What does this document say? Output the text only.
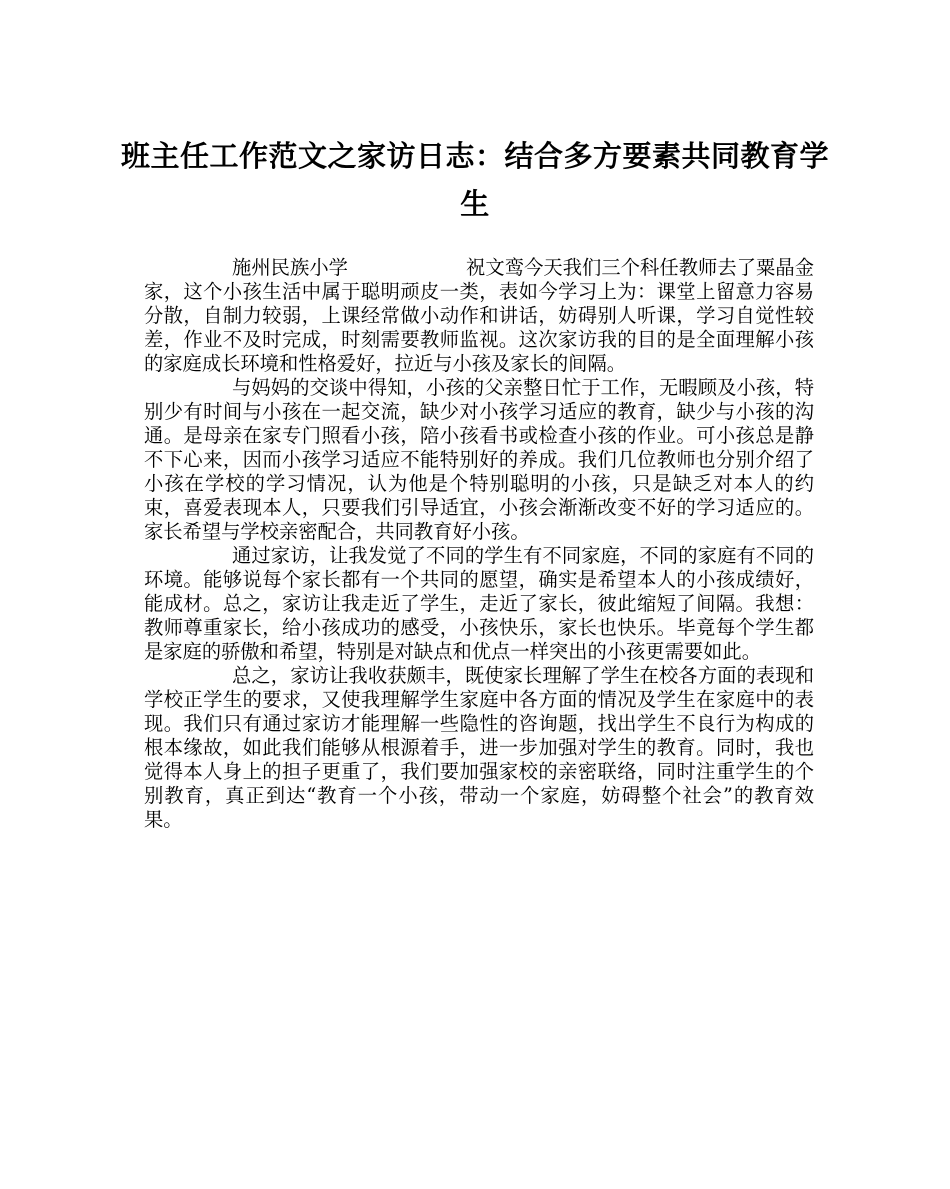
班主任工作范文之家访日志：结合多方要素共同教育学生

施州民族小学	祝文鸾今天我们三个科任教师去了粟晶金家，这个小孩生活中属于聪明顽皮一类，表如今学习上为：课堂上留意力容易分散，自制力较弱，上课经常做小动作和讲话，妨碍别人听课，学习自觉性较差，作业不及时完成，时刻需要教师监视。这次家访我的目的是全面理解小孩的家庭成长环境和性格爱好，拉近与小孩及家长的间隔。

与妈妈的交谈中得知，小孩的父亲整日忙于工作，无暇顾及小孩，特别少有时间与小孩在一起交流，缺少对小孩学习适应的教育，缺少与小孩的沟通。是母亲在家专门照看小孩，陪小孩看书或检查小孩的作业。可小孩总是静不下心来，因而小孩学习适应不能特别好的养成。我们几位教师也分别介绍了小孩在学校的学习情况，认为他是个特别聪明的小孩，只是缺乏对本人的约束，喜爱表现本人，只要我们引导适宜，小孩会渐渐改变不好的学习适应的。家长希望与学校亲密配合，共同教育好小孩。

通过家访，让我发觉了不同的学生有不同家庭，不同的家庭有不同的环境。能够说每个家长都有一个共同的愿望，确实是希望本人的小孩成绩好，能成材。总之，家访让我走近了学生，走近了家长，彼此缩短了间隔。我想：教师尊重家长，给小孩成功的感受，小孩快乐，家长也快乐。毕竟每个学生都是家庭的骄傲和希望，特别是对缺点和优点一样突出的小孩更需要如此。

总之，家访让我收获颇丰，既使家长理解了学生在校各方面的表现和学校正学生的要求，又使我理解学生家庭中各方面的情况及学生在家庭中的表现。我们只有通过家访才能理解一些隐性的咨询题，找出学生不良行为构成的根本缘故，如此我们能够从根源着手，进一步加强对学生的教育。同时，我也觉得本人身上的担子更重了，我们要加强家校的亲密联络，同时注重学生的个别教育，真正到达“教育一个小孩，带动一个家庭，妨碍整个社会”的教育效果。
